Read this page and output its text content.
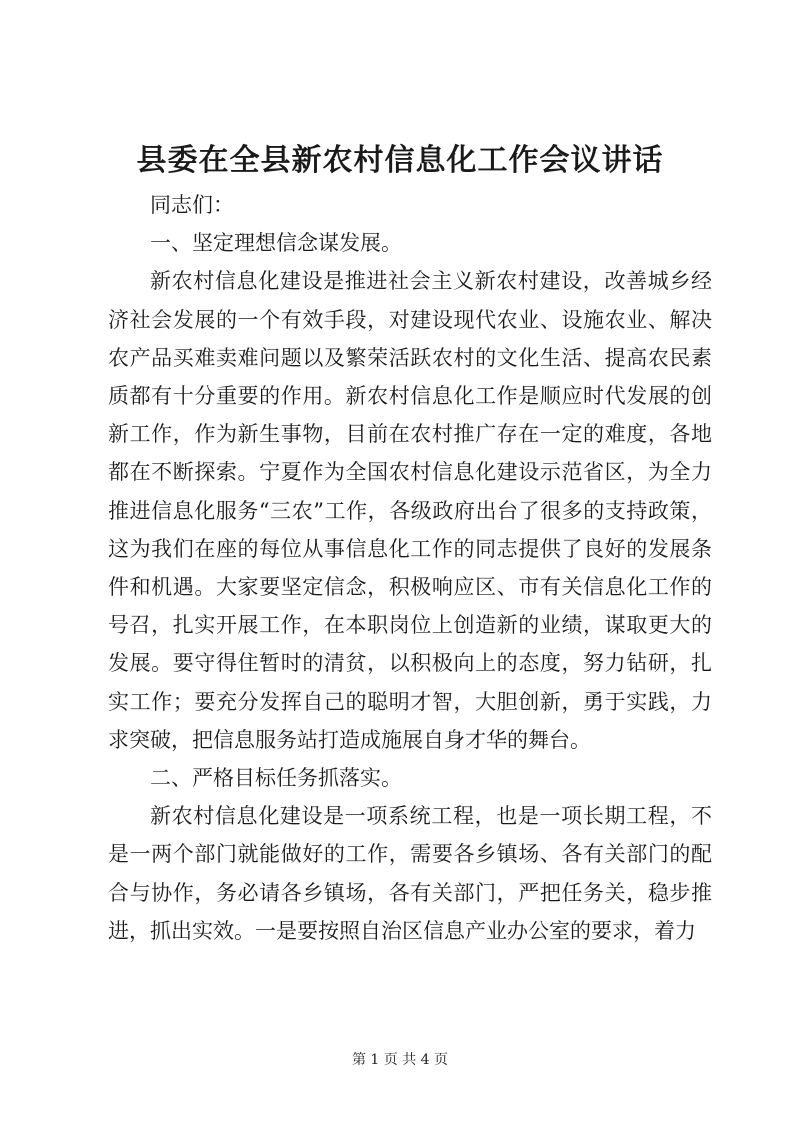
县委在全县新农村信息化工作会议讲话

同志们：

一、坚定理想信念谋发展。

新农村信息化建设是推进社会主义新农村建设，改善城乡经济社会发展的一个有效手段，对建设现代农业、设施农业、解决农产品买难卖难问题以及繁荣活跃农村的文化生活、提高农民素质都有十分重要的作用。新农村信息化工作是顺应时代发展的创新工作，作为新生事物，目前在农村推广存在一定的难度，各地都在不断探索。宁夏作为全国农村信息化建设示范省区，为全力推进信息化服务“三农”工作，各级政府出台了很多的支持政策，这为我们在座的每位从事信息化工作的同志提供了良好的发展条件和机遇。大家要坚定信念，积极响应区、市有关信息化工作的号召，扎实开展工作，在本职岗位上创造新的业绩，谋取更大的发展。要守得住暂时的清贫，以积极向上的态度，努力钻研，扎实工作；要充分发挥自己的聪明才智，大胆创新，勇于实践，力求突破，把信息服务站打造成施展自身才华的舞台。

二、严格目标任务抓落实。

新农村信息化建设是一项系统工程，也是一项长期工程，不是一两个部门就能做好的工作，需要各乡镇场、各有关部门的配合与协作，务必请各乡镇场，各有关部门，严把任务关，稳步推进，抓出实效。一是要按照自治区信息产业办公室的要求，着力

第 1 页 共 4 页
